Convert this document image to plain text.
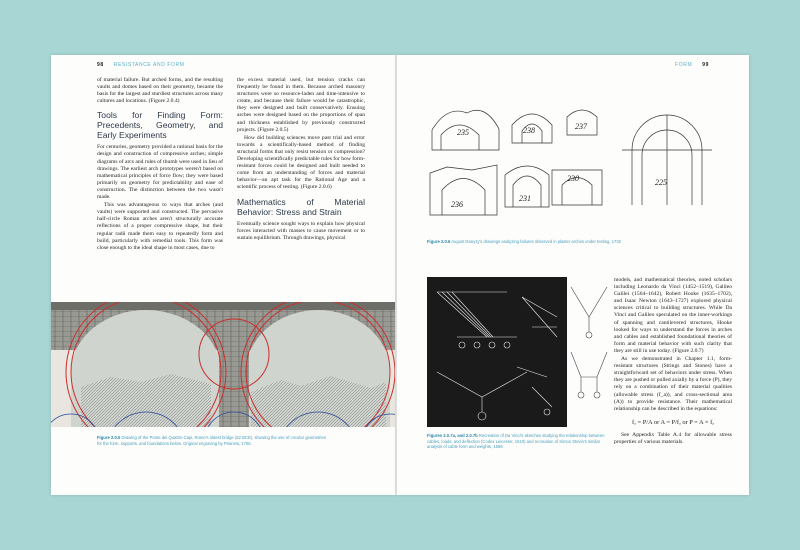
98 RESISTANCE AND FORM

of material failure. But arched forms, and the resulting vaults and domes based on their geometry, became the basis for the largest and sturdiest structures across many cultures and locations. (Figure 2.0.4)

Tools for Finding Form: Precedents, Geometry, and Early Experiments

For centuries, geometry provided a rational basis for the design and construction of compressive arches; simple diagrams of arcs and rules of thumb were used in lieu of drawings. The earliest arch prototypes weren't based on mathematical principles of force flow; they were based primarily on geometry for predictability and ease of construction. The distinction between the two wasn't made.

This was advantageous to ways that arches (and vaults) were supported and constructed. The pervasive half-circle Roman arches aren't structurally accurate reflections of a proper compressive shape, but their regular radii made them easy to repeatedly form and build, particularly with remedial tools. This form was close enough to the ideal shape in most cases, due to

the excess material used, but tension cracks can frequently be found in them. Because arched masonry structures were so resource-laden and time-intensive to create, and because their failure would be catastrophic, they were designed and built conservatively. Ensuing arches were designed based on the proportions of span and thickness established by previously constructed projects. (Figure 2.0.5)

How did building sciences move past trial and error towards a scientifically-based method of finding structural forms that only resist tension or compression? Developing scientifically predictable rules for how form-resistant forces could be designed and built needed to come from an understanding of forces and material behavior—an apt task for the Rational Age and a scientific process of testing. (Figure 2.0.6)

Mathematics of Material Behavior: Stress and Strain

Eventually science sought ways to explain how physical forces interacted with masses to cause movement or to sustain equilibrium. Through drawings, physical

Figure 2.0.5 Drawing of the Ponte dei Quattro Capi, Rome's oldest bridge (62 BCE), showing the use of circular geometries for the form, supports, and foundations below. Original engraving by Piranesi, 1756.
FORM 99
235	238	237
236
231
230	225
Figure 2.0.6 August Danyzy's drawings analyzing failures observed in plaster arches under testing, 1732
Figures 2.0.7a, and 2.0.7b Recreation of Da Vinci's sketches studying the relationship between cables, loads, and deflection (Codex Leicester, 1510) and recreation of Simon Stevin's similar analysis of cable form and weights, 1586

models, and mathematical theories, noted scholars including Leonardo da Vinci (1452–1519), Galileo Galilei (1564–1642), Robert Hooke (1635–1702), and Isaac Newton (1643–1727) explored physical sciences critical to building structures. While Da Vinci and Galileo speculated on the inner-workings of spanning and cantilevered structures, Hooke looked for ways to understand the forces in arches and cables and established foundational theories of form and material behavior with such clarity that they are still in use today. (Figure 2.0.7)

As we demonstrated in Chapter 1.1, form-resistant structures (Strings and Stones) have a straightforward set of behaviors under stress. When they are pushed or pulled axially by a force (P), they rely on a combination of their material qualities (allowable stress (f_a)), and cross-sectional area (A)) to provide resistance. Their mathematical relationship can be described in the equations:

fₐ = P/A or A = P/fₐ or P = A × fₐ

See Appendix Table A.4 for allowable stress properties of various materials.
